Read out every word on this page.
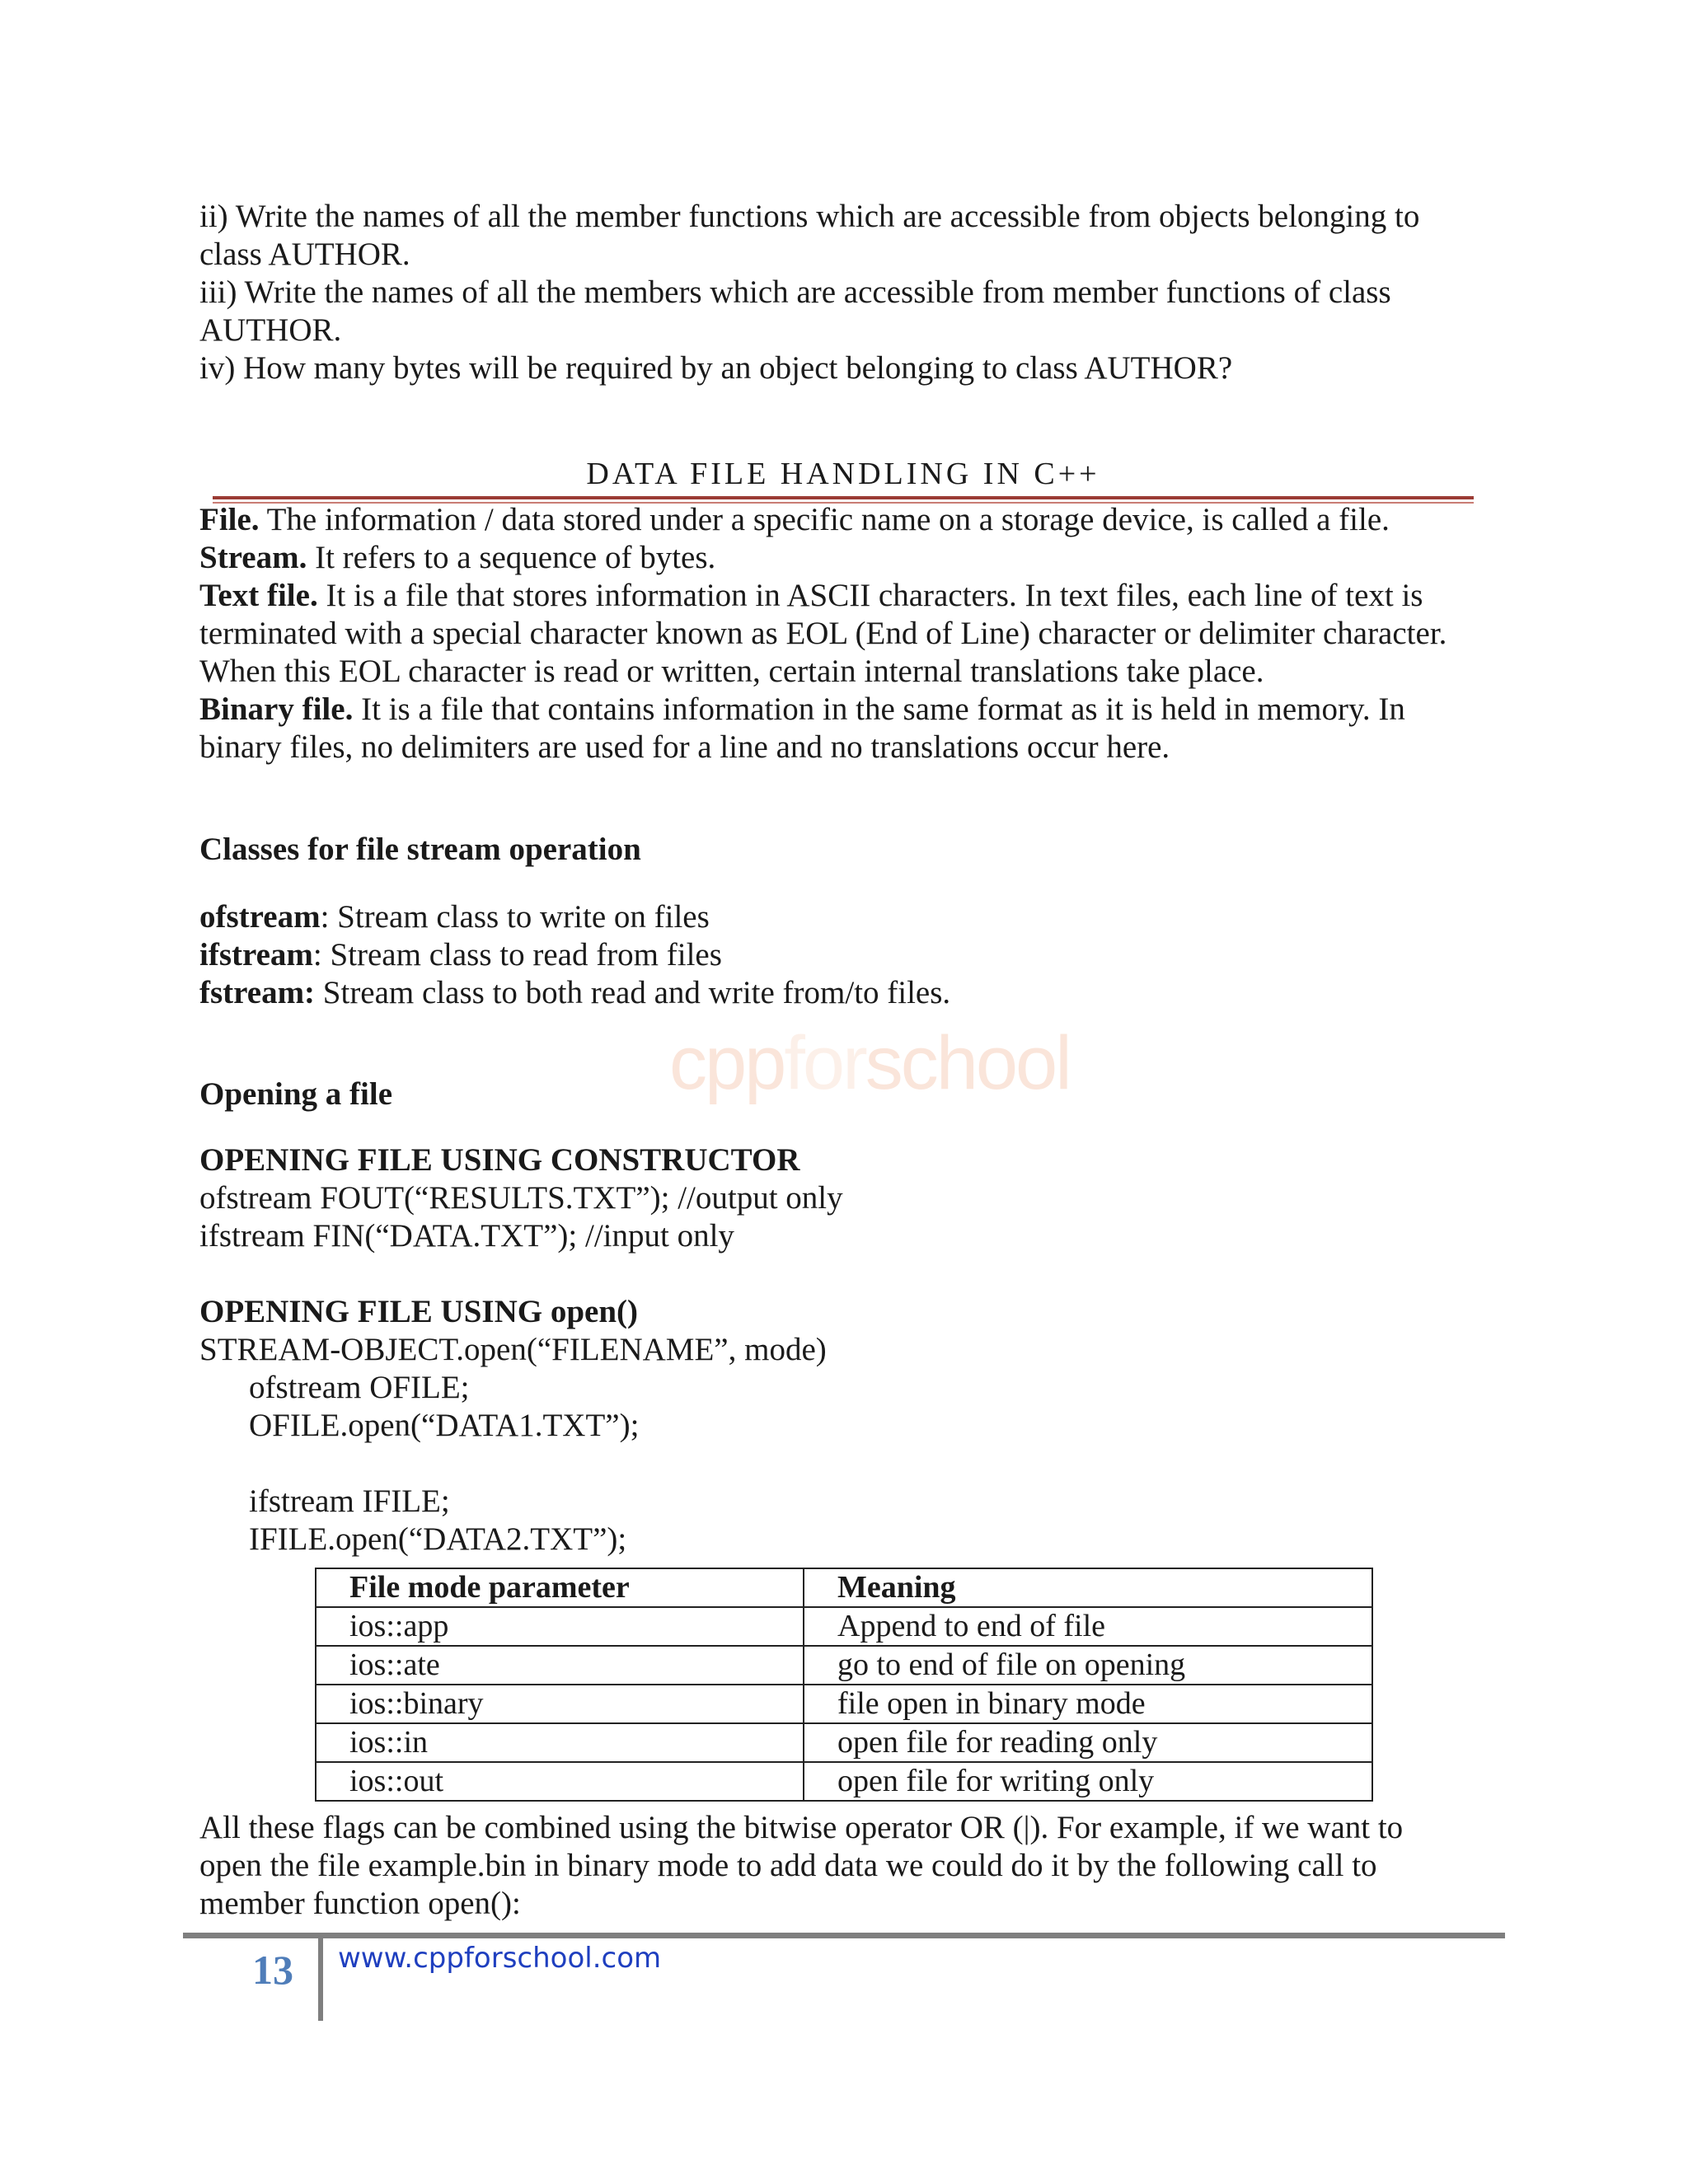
ii) Write the names of all the member functions which are accessible from objects belonging to

class AUTHOR.

iii) Write the names of all the members which are accessible from member functions of class

AUTHOR.

iv) How many bytes will be required by an object belonging to class AUTHOR?

DATA FILE HANDLING IN C++

File. The information / data stored under a specific name on a storage device, is called a file.

Stream. It refers to a sequence of bytes.

Text file. It is a file that stores information in ASCII characters. In text files, each line of text is

terminated with a special character known as EOL (End of Line) character or delimiter character.

When this EOL character is read or written, certain internal translations take place.

Binary file. It is a file that contains information in the same format as it is held in memory. In

binary files, no delimiters are used for a line and no translations occur here.

Classes for file stream operation

ofstream: Stream class to write on files

ifstream: Stream class to read from files

fstream: Stream class to both read and write from/to files.

cppforschool

Opening a file

OPENING FILE USING CONSTRUCTOR

ofstream FOUT(“RESULTS.TXT”); //output only

ifstream FIN(“DATA.TXT”); //input only

OPENING FILE USING open()

STREAM-OBJECT.open(“FILENAME”, mode)

ofstream OFILE;

OFILE.open(“DATA1.TXT”);

ifstream IFILE;

IFILE.open(“DATA2.TXT”);

File mode parameter	Meaning
ios::app	Append to end of file
ios::ate	go to end of file on opening
ios::binary	file open in binary mode
ios::in	open file for reading only
ios::out	open file for writing only

All these flags can be combined using the bitwise operator OR (|). For example, if we want to

open the file example.bin in binary mode to add data we could do it by the following call to

member function open():

13 www.cppforschool.com
